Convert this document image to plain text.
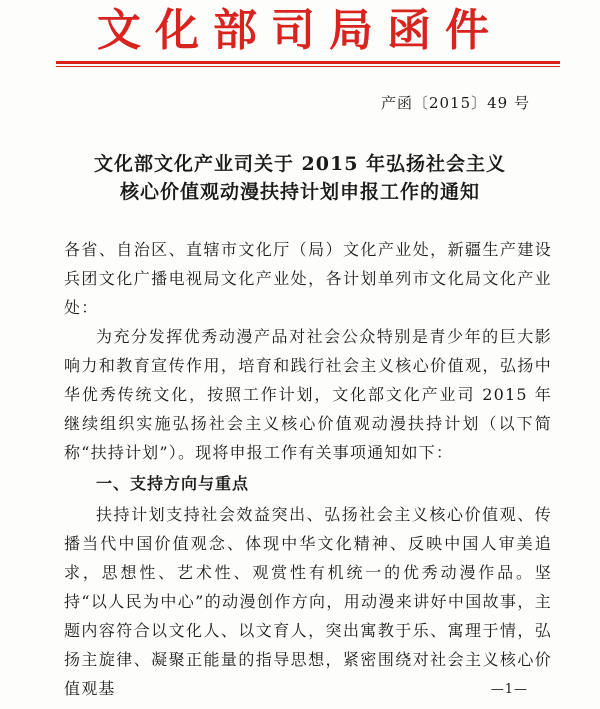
文化部司局函件
产函〔2015〕49 号
文化部文化产业司关于 2015 年弘扬社会主义
核心价值观动漫扶持计划申报工作的通知

各省、自治区、直辖市文化厅（局）文化产业处，新疆生产建设兵团文化广播电视局文化产业处，各计划单列市文化局文化产业处：

为充分发挥优秀动漫产品对社会公众特别是青少年的巨大影响力和教育宣传作用，培育和践行社会主义核心价值观，弘扬中华优秀传统文化，按照工作计划，文化部文化产业司 2015 年继续组织实施弘扬社会主义核心价值观动漫扶持计划（以下简称“扶持计划”）。现将申报工作有关事项通知如下：

一、支持方向与重点

扶持计划支持社会效益突出、弘扬社会主义核心价值观、传播当代中国价值观念、体现中华文化精神、反映中国人审美追求，思想性、艺术性、观赏性有机统一的优秀动漫作品。坚持“以人民为中心”的动漫创作方向，用动漫来讲好中国故事，主题内容符合以文化人、以文育人，突出寓教于乐、寓理于情，弘扬主旋律、凝聚正能量的指导思想，紧密围绕对社会主义核心价值观基	—1—
